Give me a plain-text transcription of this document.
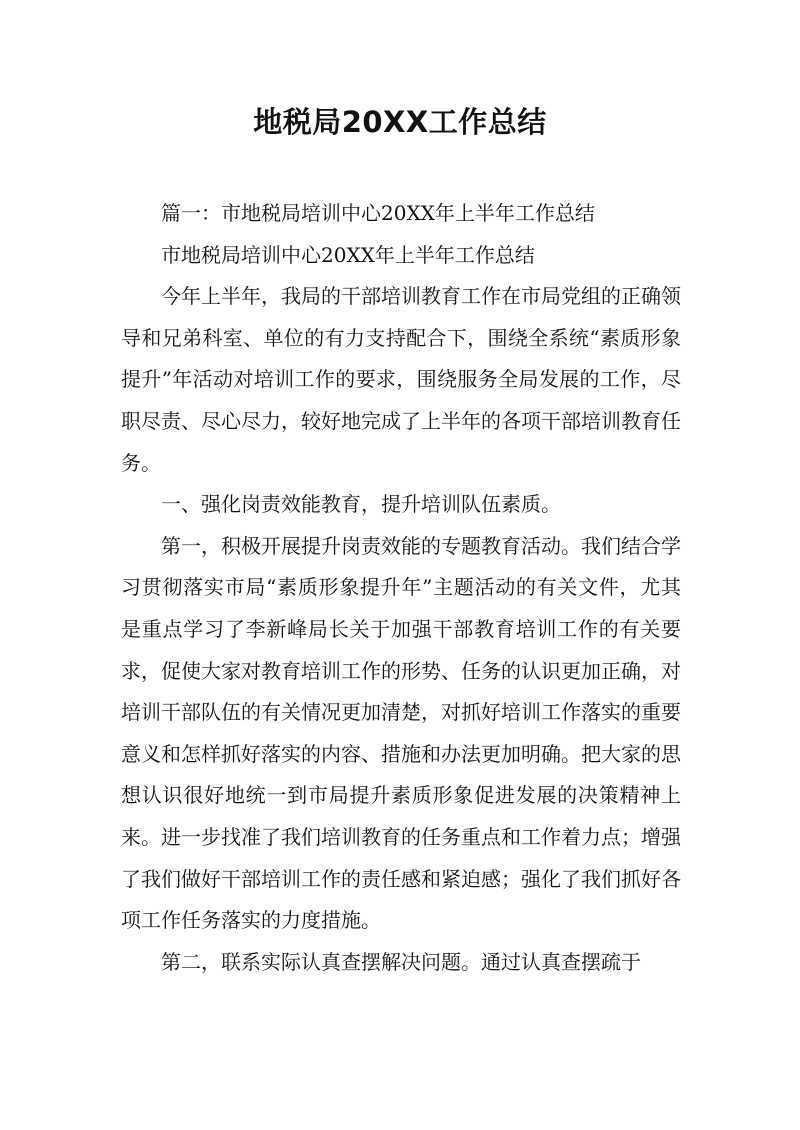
地税局20XX工作总结

篇一：市地税局培训中心20XX年上半年工作总结

市地税局培训中心20XX年上半年工作总结

今年上半年，我局的干部培训教育工作在市局党组的正确领导和兄弟科室、单位的有力支持配合下，围绕全系统“素质形象提升”年活动对培训工作的要求，围绕服务全局发展的工作，尽职尽责、尽心尽力，较好地完成了上半年的各项干部培训教育任务。

一、强化岗责效能教育，提升培训队伍素质。

第一，积极开展提升岗责效能的专题教育活动。我们结合学习贯彻落实市局“素质形象提升年”主题活动的有关文件，尤其是重点学习了李新峰局长关于加强干部教育培训工作的有关要求，促使大家对教育培训工作的形势、任务的认识更加正确，对培训干部队伍的有关情况更加清楚，对抓好培训工作落实的重要意义和怎样抓好落实的内容、措施和办法更加明确。把大家的思想认识很好地统一到市局提升素质形象促进发展的决策精神上来。进一步找准了我们培训教育的任务重点和工作着力点；增强了我们做好干部培训工作的责任感和紧迫感；强化了我们抓好各项工作任务落实的力度措施。

第二，联系实际认真查摆解决问题。通过认真查摆疏于
